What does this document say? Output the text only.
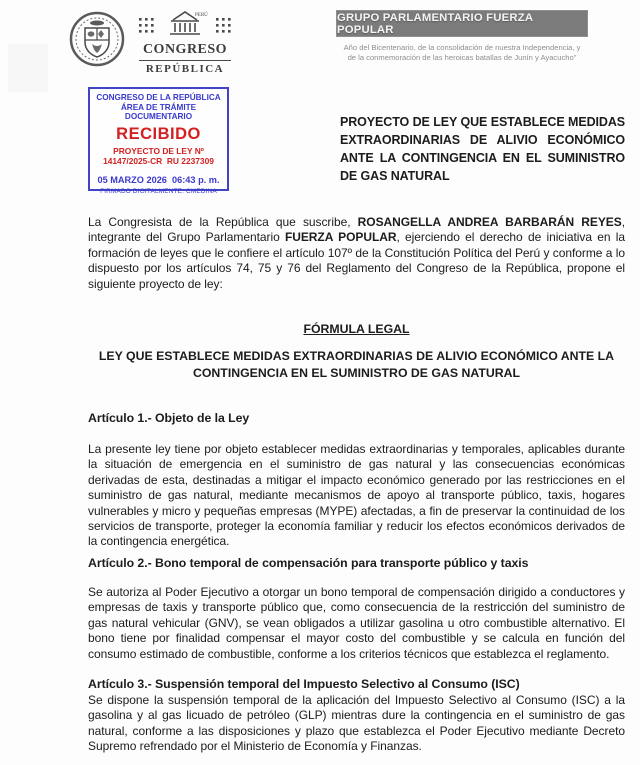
PERÚ
CONGRESO
REPÚBLICA
GRUPO PARLAMENTARIO FUERZA POPULAR
Año del Bicentenario, de la consolidación de nuestra Independencia, y
de la conmemoración de las heroicas batallas de Junín y Ayacucho"
CONGRESO DE LA REPÚBLICA
ÁREA DE TRÁMITE DOCUMENTARIO
RECIBIDO
PROYECTO DE LEY Nº
14147/2025-CR  RU 2237309
05 MARZO 2026  06:43 p. m.
FIRMADO DIGITALMENTE: CMEDINA
PROYECTO DE LEY QUE ESTABLECE MEDIDAS EXTRAORDINARIAS DE ALIVIO ECONÓMICO ANTE LA CONTINGENCIA EN EL SUMINISTRO DE GAS NATURAL

La Congresista de la República que suscribe, ROSANGELLA ANDREA BARBARÁN REYES, integrante del Grupo Parlamentario FUERZA POPULAR, ejerciendo el derecho de iniciativa en la formación de leyes que le confiere el artículo 107º de la Constitución Política del Perú y conforme a lo dispuesto por los artículos 74, 75 y 76 del Reglamento del Congreso de la República, propone el siguiente proyecto de ley:

FÓRMULA LEGAL
LEY QUE ESTABLECE MEDIDAS EXTRAORDINARIAS DE ALIVIO ECONÓMICO ANTE LA CONTINGENCIA EN EL SUMINISTRO DE GAS NATURAL
Artículo 1.- Objeto de la Ley
La presente ley tiene por objeto establecer medidas extraordinarias y temporales, aplicables durante la situación de emergencia en el suministro de gas natural y las consecuencias económicas derivadas de esta, destinadas a mitigar el impacto económico generado por las restricciones en el suministro de gas natural, mediante mecanismos de apoyo al transporte público, taxis, hogares vulnerables y micro y pequeñas empresas (MYPE) afectadas, a fin de preservar la continuidad de los servicios de transporte, proteger la economía familiar y reducir los efectos económicos derivados de la contingencia energética.
Artículo 2.- Bono temporal de compensación para transporte público y taxis
Se autoriza al Poder Ejecutivo a otorgar un bono temporal de compensación dirigido a conductores y empresas de taxis y transporte público que, como consecuencia de la restricción del suministro de gas natural vehicular (GNV), se vean obligados a utilizar gasolina u otro combustible alternativo. El bono tiene por finalidad compensar el mayor costo del combustible y se calcula en función del consumo estimado de combustible, conforme a los criterios técnicos que establezca el reglamento.
Artículo 3.- Suspensión temporal del Impuesto Selectivo al Consumo (ISC)
Se dispone la suspensión temporal de la aplicación del Impuesto Selectivo al Consumo (ISC) a la gasolina y al gas licuado de petróleo (GLP) mientras dure la contingencia en el suministro de gas natural, conforme a las disposiciones y plazo que establezca el Poder Ejecutivo mediante Decreto Supremo refrendado por el Ministerio de Economía y Finanzas.
